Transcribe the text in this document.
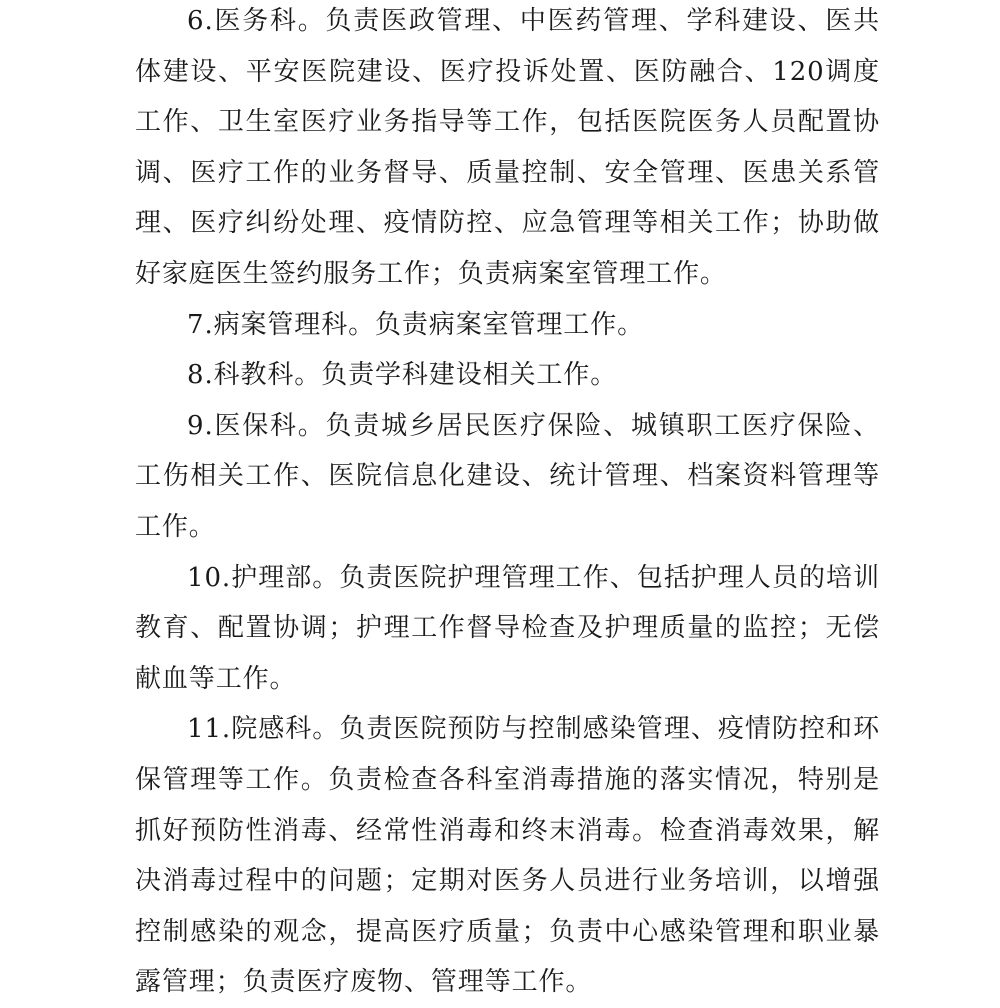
6.医务科。负责医政管理、中医药管理、学科建设、医共体建设、平安医院建设、医疗投诉处置、医防融合、120调度工作、卫生室医疗业务指导等工作，包括医院医务人员配置协调、医疗工作的业务督导、质量控制、安全管理、医患关系管理、医疗纠纷处理、疫情防控、应急管理等相关工作；协助做好家庭医生签约服务工作；负责病案室管理工作。

7.病案管理科。负责病案室管理工作。

8.科教科。负责学科建设相关工作。

9.医保科。负责城乡居民医疗保险、城镇职工医疗保险、工伤相关工作、医院信息化建设、统计管理、档案资料管理等工作。

10.护理部。负责医院护理管理工作、包括护理人员的培训教育、配置协调；护理工作督导检查及护理质量的监控；无偿献血等工作。

11.院感科。负责医院预防与控制感染管理、疫情防控和环保管理等工作。负责检查各科室消毒措施的落实情况，特别是抓好预防性消毒、经常性消毒和终末消毒。检查消毒效果，解决消毒过程中的问题；定期对医务人员进行业务培训，以增强控制感染的观念，提高医疗质量；负责中心感染管理和职业暴露管理；负责医疗废物、管理等工作。
